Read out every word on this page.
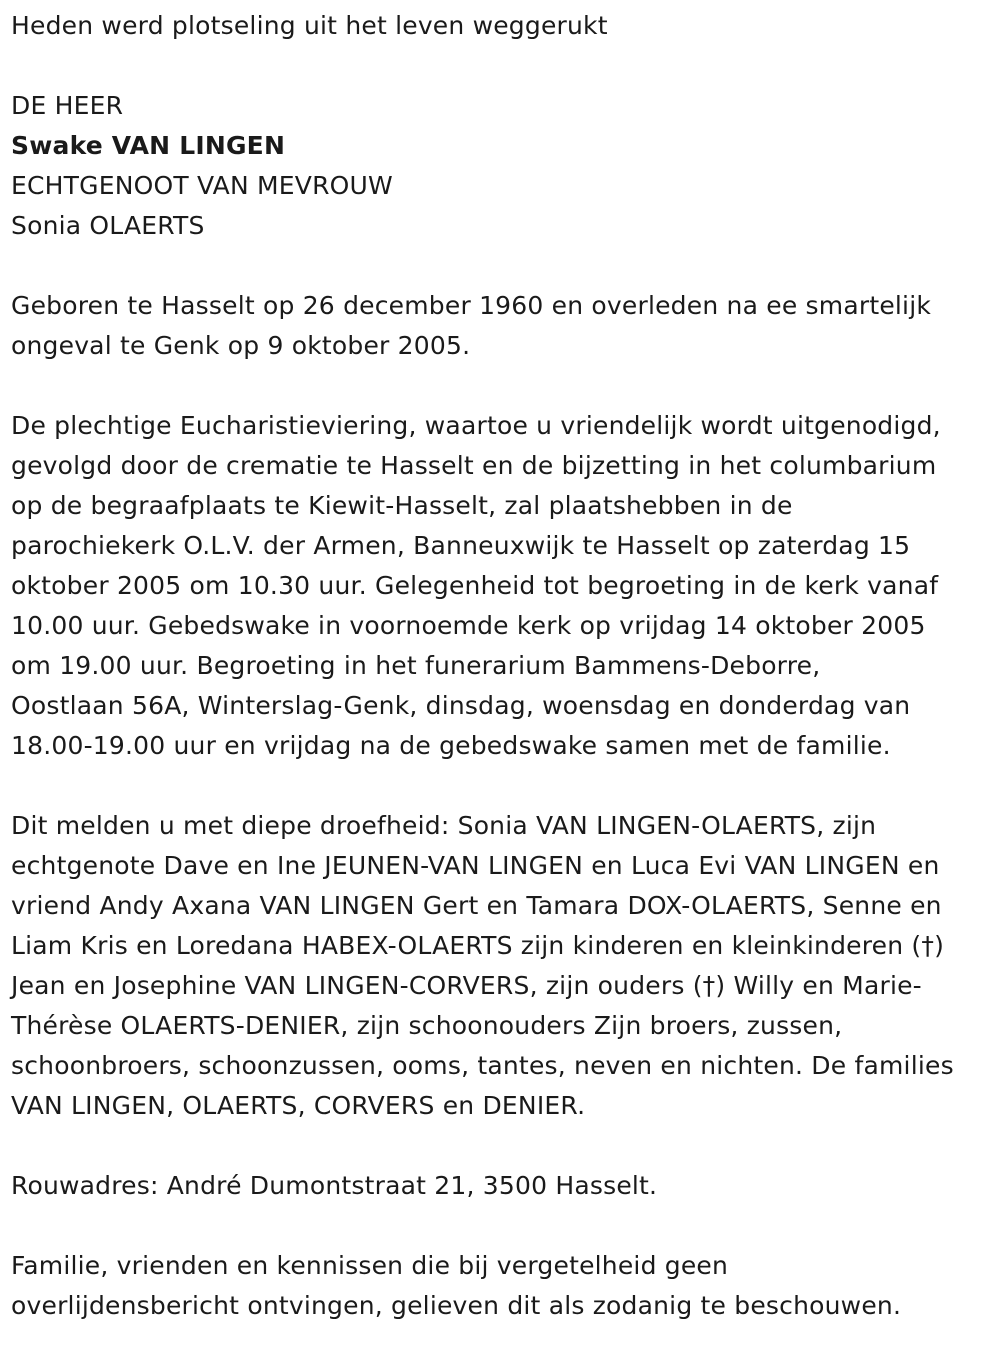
Heden werd plotseling uit het leven weggerukt

DE HEER

Swake VAN LINGEN

ECHTGENOOT VAN MEVROUW

Sonia OLAERTS

Geboren te Hasselt op 26 december 1960 en overleden na ee smartelijk

ongeval te Genk op 9 oktober 2005.

De plechtige Eucharistieviering, waartoe u vriendelijk wordt uitgenodigd,

gevolgd door de crematie te Hasselt en de bijzetting in het columbarium

op de begraafplaats te Kiewit-Hasselt, zal plaatshebben in de

parochiekerk O.L.V. der Armen, Banneuxwijk te Hasselt op zaterdag 15

oktober 2005 om 10.30 uur. Gelegenheid tot begroeting in de kerk vanaf

10.00 uur. Gebedswake in voornoemde kerk op vrijdag 14 oktober 2005

om 19.00 uur. Begroeting in het funerarium Bammens-Deborre,

Oostlaan 56A, Winterslag-Genk, dinsdag, woensdag en donderdag van

18.00-19.00 uur en vrijdag na de gebedswake samen met de familie.

Dit melden u met diepe droefheid: Sonia VAN LINGEN-OLAERTS, zijn

echtgenote Dave en Ine JEUNEN-VAN LINGEN en Luca Evi VAN LINGEN en

vriend Andy Axana VAN LINGEN Gert en Tamara DOX-OLAERTS, Senne en

Liam Kris en Loredana HABEX-OLAERTS zijn kinderen en kleinkinderen (†)

Jean en Josephine VAN LINGEN-CORVERS, zijn ouders (†) Willy en Marie-

Thérèse OLAERTS-DENIER, zijn schoonouders Zijn broers, zussen,

schoonbroers, schoonzussen, ooms, tantes, neven en nichten. De families

VAN LINGEN, OLAERTS, CORVERS en DENIER.

Rouwadres: André Dumontstraat 21, 3500 Hasselt.

Familie, vrienden en kennissen die bij vergetelheid geen

overlijdensbericht ontvingen, gelieven dit als zodanig te beschouwen.
